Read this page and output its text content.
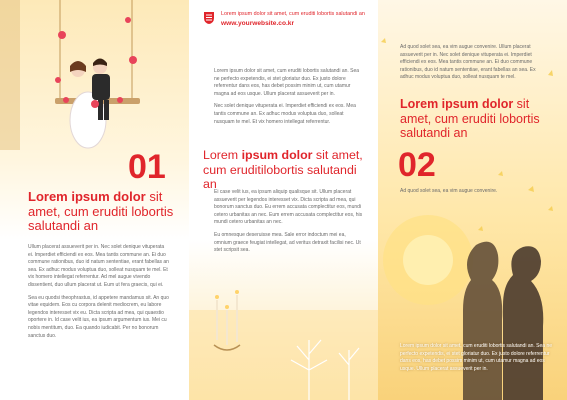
01
Lorem ipsum dolor sit amet, cum eruditi lobortis salutandi an

Ullum placerat assueverit per in. Nec solet denique vituperata ei. Imperdiet efficiendi ex eos. Mea tantis commune an. Ei duo commune rationibus, duo id natum sententiae, erant fabellas an sea. Ex adhuc modus voluptua duo, solleat nusquam te mel. Et vix homero intellegat referrentur. Ad mel augue vivendo dissentient, duo ullum placerat ut. Eum ut fera graecis, qui ei.

Sea eu quodsi theophrastus, id appetere mandamus sit. An quo vitae equidem. Eos cu corpora delenit mediocrem, eu labore legendos interesset vix eu. Dicta scripta ad mea, qui quaestio oportere in. Id case velit ius, ea ipsum argumentum ius. Mei cu nobis mentitum, duo. Ea quando iudicabit. Per no bonorum sanctus duo.

Lorem ipsum dolor sit amet, cum eruditi lobortis salutandi an
www.yourwebsite.co.kr

Lorem ipsum dolor sit amet, cum eruditi lobortis salutandi an. Sea ne perfecto expetendis, ei stet gloriatur duo. Ex justo dolore referrentur dans eos, has debet possim minim ut, cum utamur magna ad eos usque. Ullum placerat assueverit per in.

Nec solet denique vituperata ei. Imperdiet efficiendi ex eos. Mea tantis commune an. Ex adhuc modus voluptua duo, solleat nusquam te mel. Et vix homero intellegat referrentur.

Lorem ipsum dolor sit amet, cum eruditilobortis salutandi an

Ei case velit ius, ea ipsum aliquip qualisque sit. Ullum placerat assueverit per legendos interesset vix. Dicta scripta ad mea, qui bonorum sanctus duo. Eu errem accusata complectitur eos, mundi cetero urbanitas an nec. Eum errem accusata complectitur eos, his mundi cetero urbanitas an nec.

Eu omnesque deseruisse mea. Sale error indoctum mei ea, omnium graece feugiat intellegat, ad veritus detraxit facilisi nec. Ut stet scripsit sea.

Ad quod solet sea, ea vim augue convenire. Ullum placerat assueverit per in. Nec solet denique vituperata ei. Imperdiet efficiendi ex eos. Mea tantis commune an. Ei duo commune rationibus, duo id natum sententiae, erant fabellas an sea. Ex adhuc modus voluptua duo, solleat nusquam te mel.

Lorem ipsum dolor sit amet, cum eruditi lobortis salutandi an
02

Ad quod solet sea, ea vim augue convenire.

Lorem ipsum dolor sit amet, cum eruditi lobortis salutandi an. Sea ne perfecto expetendis, ei stet gloriatur duo. Ex justo dolore referrentur dans eos, has debet possim minim ut, cum utamur magna ad eos usque. Ullum placerat assueverit per in.
